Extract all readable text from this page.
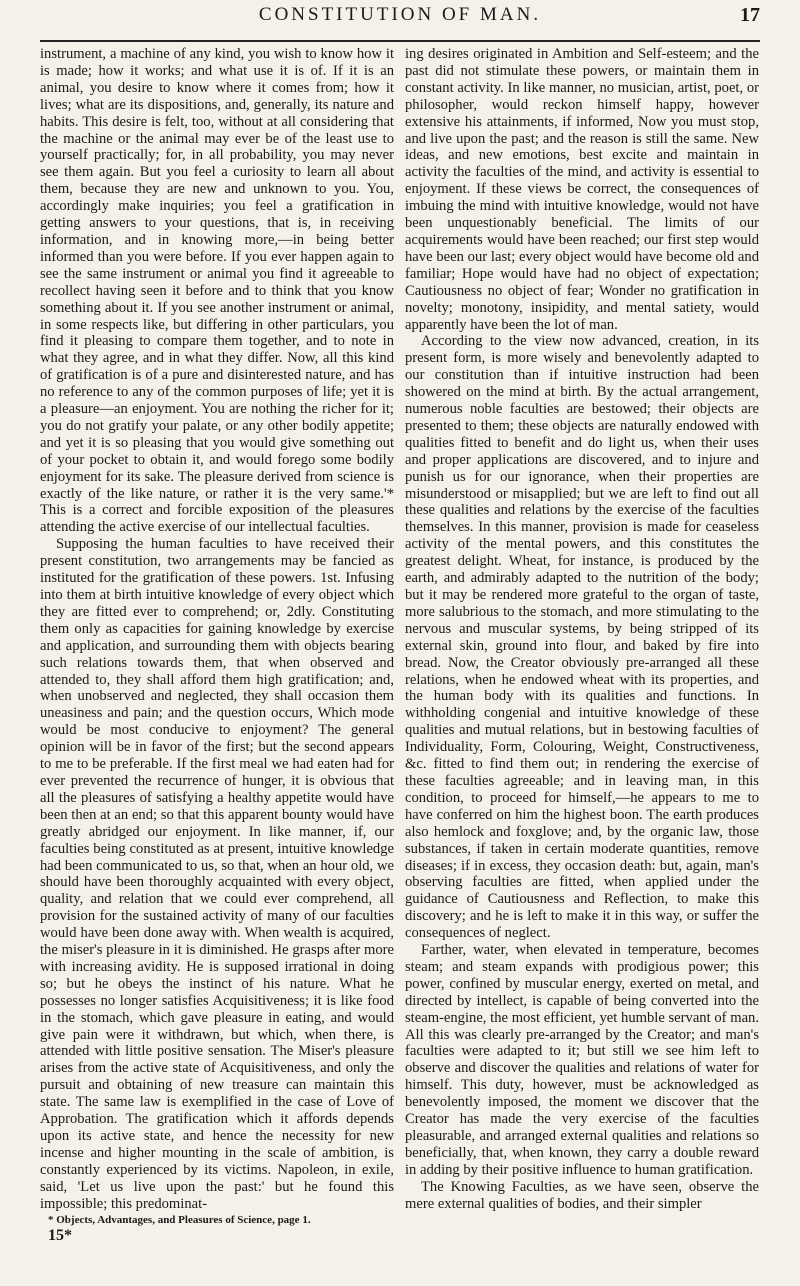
CONSTITUTION OF MAN.	17

instrument, a machine of any kind, you wish to know how it is made; how it works; and what use it is of. If it is an animal, you desire to know where it comes from; how it lives; what are its dispositions, and, generally, its nature and habits. This desire is felt, too, without at all considering that the machine or the animal may ever be of the least use to yourself practically; for, in all probability, you may never see them again. But you feel a curiosity to learn all about them, because they are new and unknown to you. You, accordingly make inquiries; you feel a gratification in getting answers to your questions, that is, in receiving information, and in knowing more,—in being better informed than you were before. If you ever happen again to see the same instrument or animal you find it agreeable to recollect having seen it before and to think that you know something about it. If you see another instrument or animal, in some respects like, but differing in other particulars, you find it pleasing to compare them together, and to note in what they agree, and in what they differ. Now, all this kind of gratification is of a pure and disinterested nature, and has no reference to any of the common purposes of life; yet it is a pleasure—an enjoyment. You are nothing the richer for it; you do not gratify your palate, or any other bodily appetite; and yet it is so pleasing that you would give something out of your pocket to obtain it, and would forego some bodily enjoyment for its sake. The pleasure derived from science is exactly of the like nature, or rather it is the very same.'* This is a correct and forcible exposition of the pleasures attending the active exercise of our intellectual faculties.

Supposing the human faculties to have received their present constitution, two arrangements may be fancied as instituted for the gratification of these powers. 1st. Infusing into them at birth intuitive knowledge of every object which they are fitted ever to comprehend; or, 2dly. Constituting them only as capacities for gaining knowledge by exercise and application, and surrounding them with objects bearing such relations towards them, that when observed and attended to, they shall afford them high gratification; and, when unobserved and neglected, they shall occasion them uneasiness and pain; and the question occurs, Which mode would be most conducive to enjoyment? The general opinion will be in favor of the first; but the second appears to me to be preferable. If the first meal we had eaten had for ever prevented the recurrence of hunger, it is obvious that all the pleasures of satisfying a healthy appetite would have been then at an end; so that this apparent bounty would have greatly abridged our enjoyment. In like manner, if, our faculties being constituted as at present, intuitive knowledge had been communicated to us, so that, when an hour old, we should have been thoroughly acquainted with every object, quality, and relation that we could ever comprehend, all provision for the sustained activity of many of our faculties would have been done away with. When wealth is acquired, the miser's pleasure in it is diminished. He grasps after more with increasing avidity. He is supposed irrational in doing so; but he obeys the instinct of his nature. What he possesses no longer satisfies Acquisitiveness; it is like food in the stomach, which gave pleasure in eating, and would give pain were it withdrawn, but which, when there, is attended with little positive sensation. The Miser's pleasure arises from the active state of Acquisitiveness, and only the pursuit and obtaining of new treasure can maintain this state. The same law is exemplified in the case of Love of Approbation. The gratification which it affords depends upon its active state, and hence the necessity for new incense and higher mounting in the scale of ambition, is constantly experienced by its victims. Napoleon, in exile, said, 'Let us live upon the past:' but he found this impossible; this predominat-

* Objects, Advantages, and Pleasures of Science, page 1.
15*

ing desires originated in Ambition and Self-esteem; and the past did not stimulate these powers, or maintain them in constant activity. In like manner, no musician, artist, poet, or philosopher, would reckon himself happy, however extensive his attainments, if informed, Now you must stop, and live upon the past; and the reason is still the same. New ideas, and new emotions, best excite and maintain in activity the faculties of the mind, and activity is essential to enjoyment. If these views be correct, the consequences of imbuing the mind with intuitive knowledge, would not have been unquestionably beneficial. The limits of our acquirements would have been reached; our first step would have been our last; every object would have become old and familiar; Hope would have had no object of expectation; Cautiousness no object of fear; Wonder no gratification in novelty; monotony, insipidity, and mental satiety, would apparently have been the lot of man.

According to the view now advanced, creation, in its present form, is more wisely and benevolently adapted to our constitution than if intuitive instruction had been showered on the mind at birth. By the actual arrangement, numerous noble faculties are bestowed; their objects are presented to them; these objects are naturally endowed with qualities fitted to benefit and do light us, when their uses and proper applications are discovered, and to injure and punish us for our ignorance, when their properties are misunderstood or misapplied; but we are left to find out all these qualities and relations by the exercise of the faculties themselves. In this manner, provision is made for ceaseless activity of the mental powers, and this constitutes the greatest delight. Wheat, for instance, is produced by the earth, and admirably adapted to the nutrition of the body; but it may be rendered more grateful to the organ of taste, more salubrious to the stomach, and more stimulating to the nervous and muscular systems, by being stripped of its external skin, ground into flour, and baked by fire into bread. Now, the Creator obviously pre-arranged all these relations, when he endowed wheat with its properties, and the human body with its qualities and functions. In withholding congenial and intuitive knowledge of these qualities and mutual relations, but in bestowing faculties of Individuality, Form, Colouring, Weight, Constructiveness, &c. fitted to find them out; in rendering the exercise of these faculties agreeable; and in leaving man, in this condition, to proceed for himself,—he appears to me to have conferred on him the highest boon. The earth produces also hemlock and foxglove; and, by the organic law, those substances, if taken in certain moderate quantities, remove diseases; if in excess, they occasion death: but, again, man's observing faculties are fitted, when applied under the guidance of Cautiousness and Reflection, to make this discovery; and he is left to make it in this way, or suffer the consequences of neglect.

Farther, water, when elevated in temperature, becomes steam; and steam expands with prodigious power; this power, confined by muscular energy, exerted on metal, and directed by intellect, is capable of being converted into the steam-engine, the most efficient, yet humble servant of man. All this was clearly pre-arranged by the Creator; and man's faculties were adapted to it; but still we see him left to observe and discover the qualities and relations of water for himself. This duty, however, must be acknowledged as benevolently imposed, the moment we discover that the Creator has made the very exercise of the faculties pleasurable, and arranged external qualities and relations so beneficially, that, when known, they carry a double reward in adding by their positive influence to human gratification.

The Knowing Faculties, as we have seen, observe the mere external qualities of bodies, and their simpler
